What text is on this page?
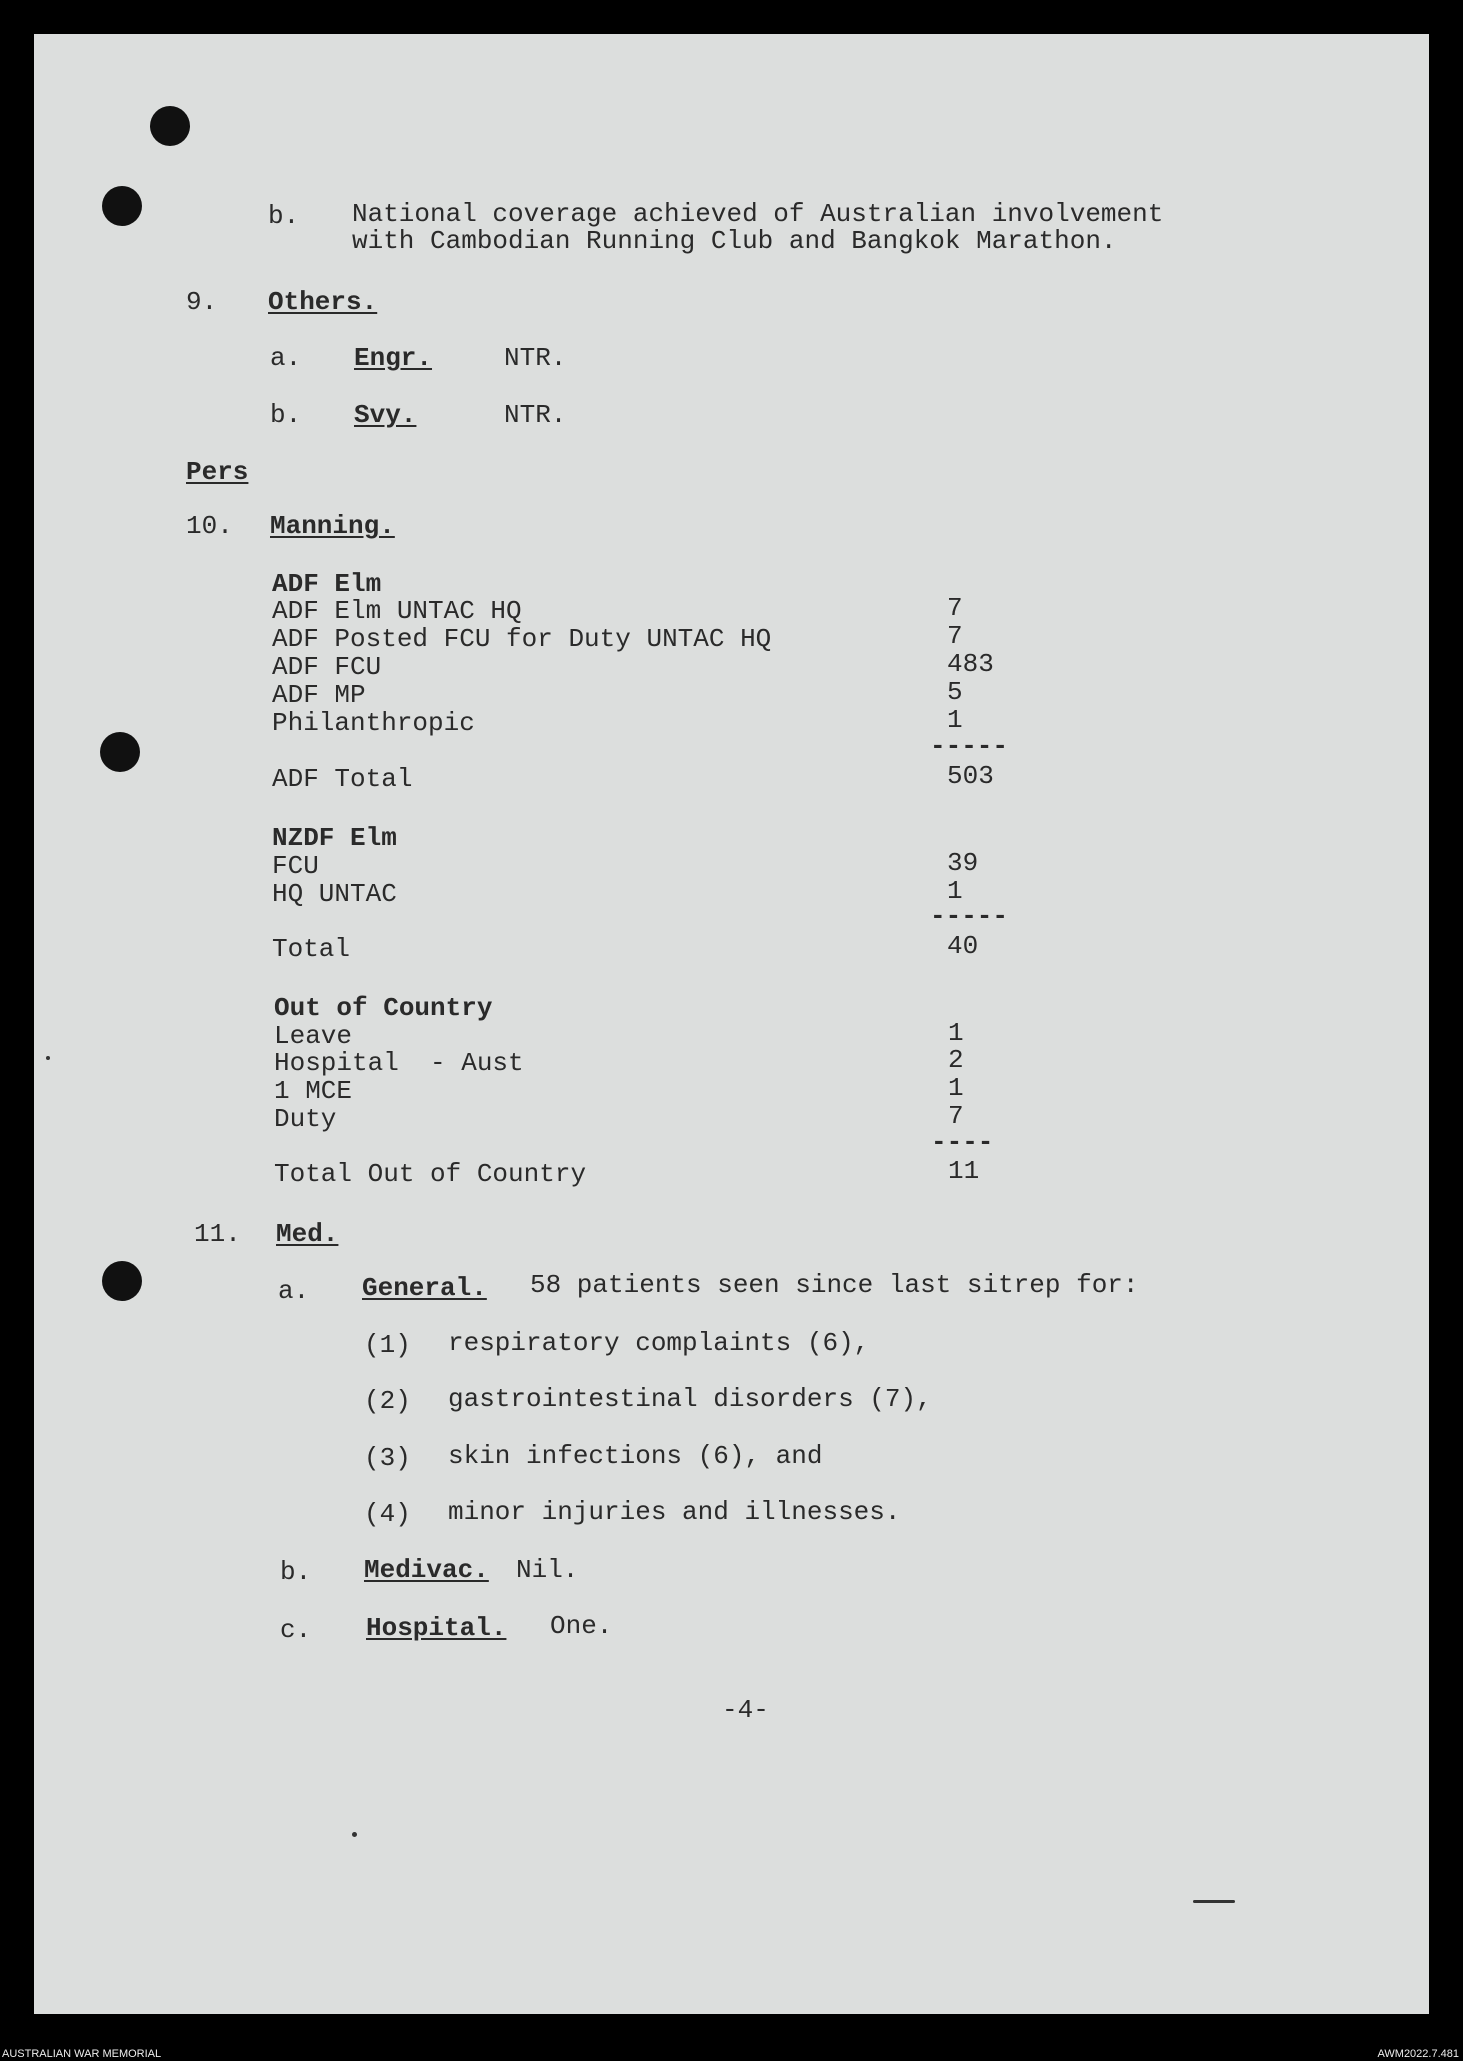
b. National coverage achieved of Australian involvement
with Cambodian Running Club and Bangkok Marathon.
9. Others.
a. Engr.	NTR.
b. Svy.	NTR.
Pers
10. Manning.
ADF Elm
ADF Elm UNTAC HQ	7
ADF Posted FCU for Duty UNTAC HQ	7
ADF FCU	483
ADF MP	5
Philanthropic	1
-----
ADF Total	503
NZDF Elm
FCU	39
HQ UNTAC	1
-----
Total	40
Out of Country
Leave	1
Hospital  - Aust	2
1 MCE	1
Duty	7
----
Total Out of Country	11
11. Med.
a. General. 58 patients seen since last sitrep for:
(1) respiratory complaints (6),
(2) gastrointestinal disorders (7),
(3) skin infections (6), and
(4) minor injuries and illnesses.
b. Medivac. Nil.
c. Hospital. One.
-4-
AUSTRALIAN WAR MEMORIAL	AWM2022.7.481
